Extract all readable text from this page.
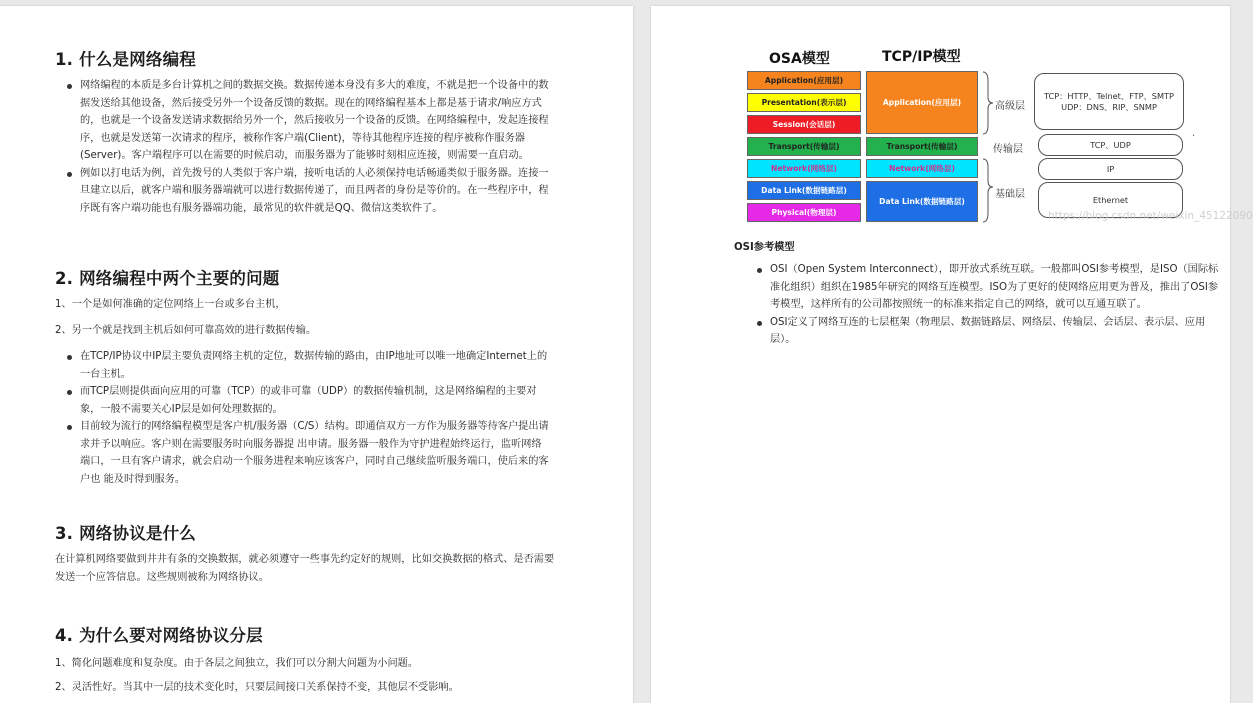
1. 什么是网络编程
网络编程的本质是多台计算机之间的数据交换。数据传递本身没有多大的难度，不就是把一个设备中的数据发送给其他设备，然后接受另外一个设备反馈的数据。现在的网络编程基本上都是基于请求/响应方式的，也就是一个设备发送请求数据给另外一个，然后接收另一个设备的反馈。在网络编程中，发起连接程序，也就是发送第一次请求的程序，被称作客户端(Client)，等待其他程序连接的程序被称作服务器(Server)。客户端程序可以在需要的时候启动，而服务器为了能够时刻相应连接，则需要一直启动。
例如以打电话为例，首先拨号的人类似于客户端，接听电话的人必须保持电话畅通类似于服务器。连接一旦建立以后，就客户端和服务器端就可以进行数据传递了，而且两者的身份是等价的。在一些程序中，程序既有客户端功能也有服务器端功能，最常见的软件就是QQ、微信这类软件了。
2. 网络编程中两个主要的问题

1、一个是如何准确的定位网络上一台或多台主机，

2、另一个就是找到主机后如何可靠高效的进行数据传输。

在TCP/IP协议中IP层主要负责网络主机的定位，数据传输的路由，由IP地址可以唯一地确定Internet上的一台主机。
而TCP层则提供面向应用的可靠（TCP）的或非可靠（UDP）的数据传输机制，这是网络编程的主要对象，一般不需要关心IP层是如何处理数据的。
目前较为流行的网络编程模型是客户机/服务器（C/S）结构。即通信双方一方作为服务器等待客户提出请求并予以响应。客户则在需要服务时向服务器提 出申请。服务器一般作为守护进程始终运行，监听网络端口，一旦有客户请求，就会启动一个服务进程来响应该客户，同时自己继续监听服务端口，使后来的客户也 能及时得到服务。
3. 网络协议是什么

在计算机网络要做到井井有条的交换数据，就必须遵守一些事先约定好的规则，比如交换数据的格式、是否需要发送一个应答信息。这些规则被称为网络协议。

4. 为什么要对网络协议分层

1、简化问题难度和复杂度。由于各层之间独立，我们可以分割大问题为小问题。

2、灵活性好。当其中一层的技术变化时，只要层间接口关系保持不变，其他层不受影响。

OSA模型	TCP/IP模型
Application(应用层)
Presentation(表示层)
Session(会话层)
Transport(传输层)
Network(网络层)
Data Link(数据链路层)
Physical(物理层)
Application(应用层)
Transport(传输层)
Network(网络层)
Data Link(数据链路层)
高级层
传输层
基础层
TCP：HTTP、Telnet、FTP、SMTP UDP：DNS、RIP、SNMP
TCP、UDP
IP
Ethernet
.
https://blog.csdn.net/weixin_45122090
OSI参考模型
OSI（Open System Interconnect），即开放式系统互联。一般都叫OSI参考模型，是ISO（国际标准化组织）组织在1985年研究的网络互连模型。ISO为了更好的使网络应用更为普及，推出了OSI参考模型，这样所有的公司都按照统一的标准来指定自己的网络，就可以互通互联了。
OSI定义了网络互连的七层框架（物理层、数据链路层、网络层、传输层、会话层、表示层、应用层）。
